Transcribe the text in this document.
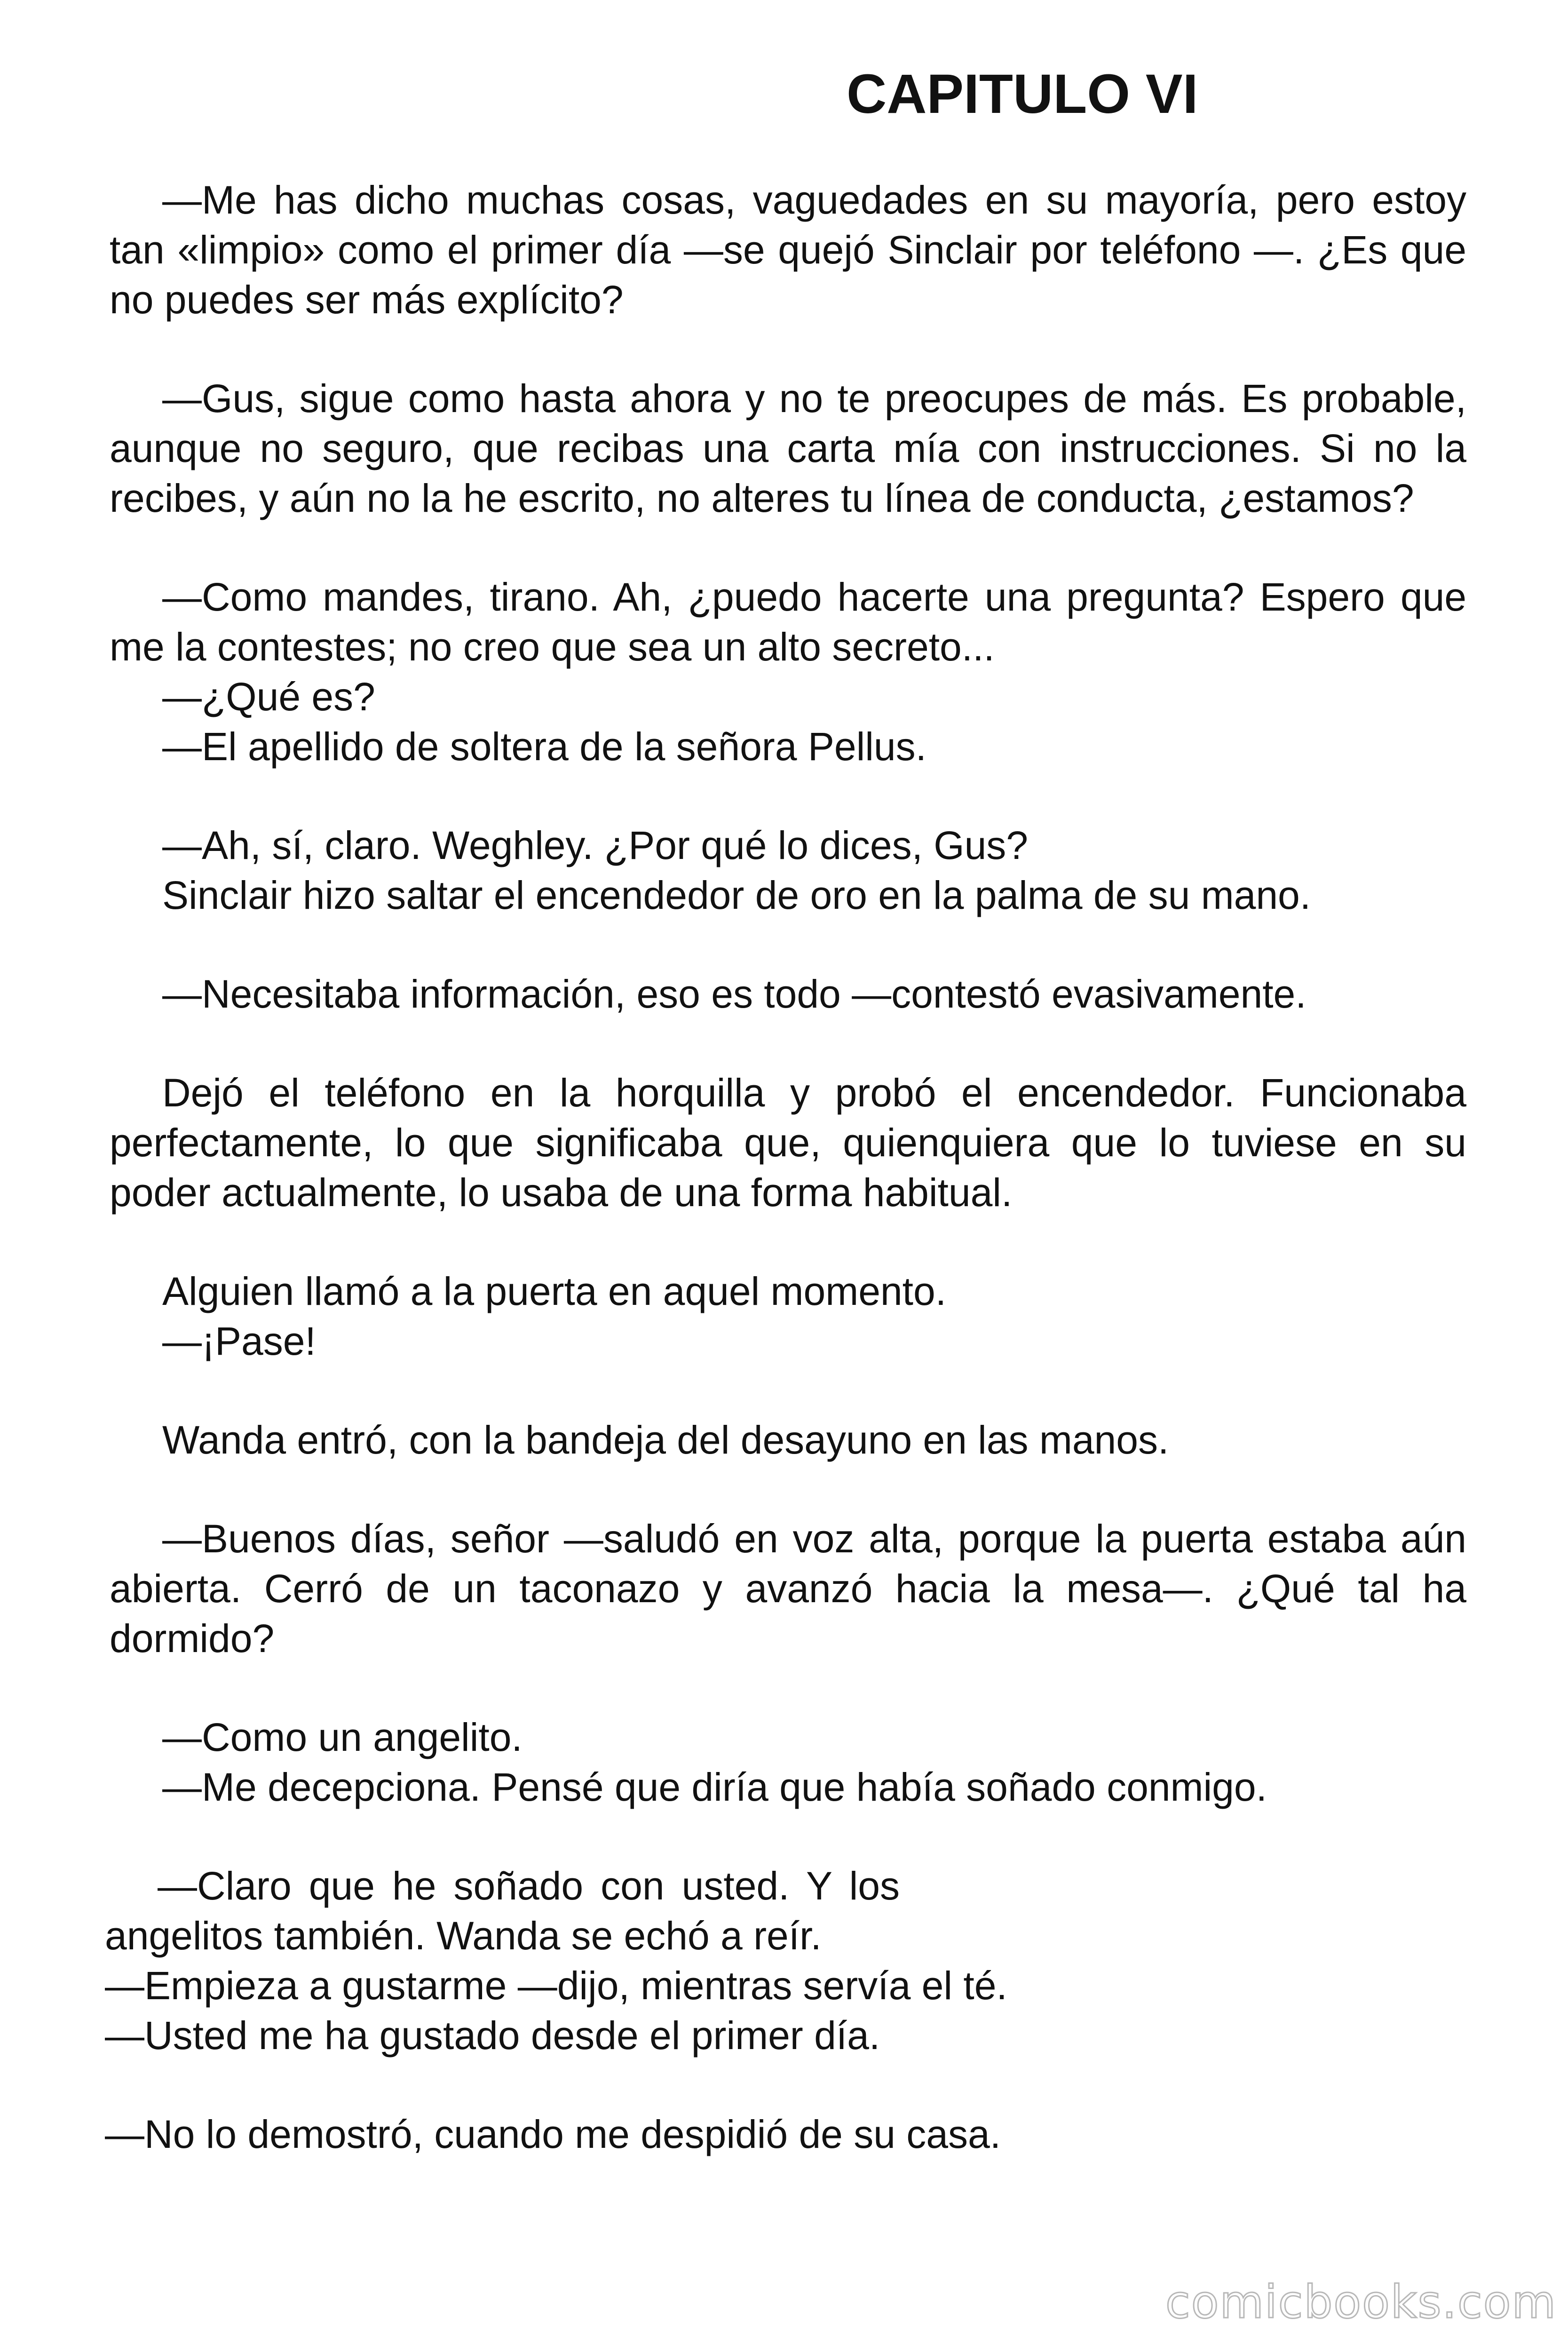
CAPITULO VI

—Me has dicho muchas cosas, vaguedades en su mayoría, pero estoy tan «limpio» como el primer día —se quejó Sinclair por teléfono —. ¿Es que no puedes ser más explícito?

—Gus, sigue como hasta ahora y no te preocupes de más. Es probable, aunque no seguro, que recibas una carta mía con instrucciones. Si no la recibes, y aún no la he escrito, no alteres tu línea de conducta, ¿estamos?

—Como mandes, tirano. Ah, ¿puedo hacerte una pregunta? Espero que me la contestes; no creo que sea un alto secreto...

—¿Qué es?

—El apellido de soltera de la señora Pellus.

—Ah, sí, claro. Weghley. ¿Por qué lo dices, Gus?

Sinclair hizo saltar el encendedor de oro en la palma de su mano.

—Necesitaba información, eso es todo —contestó evasivamente.

Dejó el teléfono en la horquilla y probó el encendedor. Funcionaba perfectamente, lo que significaba que, quienquiera que lo tuviese en su poder actualmente, lo usaba de una forma habitual.

Alguien llamó a la puerta en aquel momento.

—¡Pase!

Wanda entró, con la bandeja del desayuno en las manos.

—Buenos días, señor —saludó en voz alta, porque la puerta estaba aún abierta. Cerró de un taconazo y avanzó hacia la mesa—. ¿Qué tal ha dormido?

—Como un angelito.

—Me decepciona. Pensé que diría que había soñado conmigo.

—Claro que he soñado con usted. Y los angelitos también. Wanda se echó a reír.

—Empieza a gustarme —dijo, mientras servía el té.

—Usted me ha gustado desde el primer día.

—No lo demostró, cuando me despidió de su casa.

comicbooks.com
